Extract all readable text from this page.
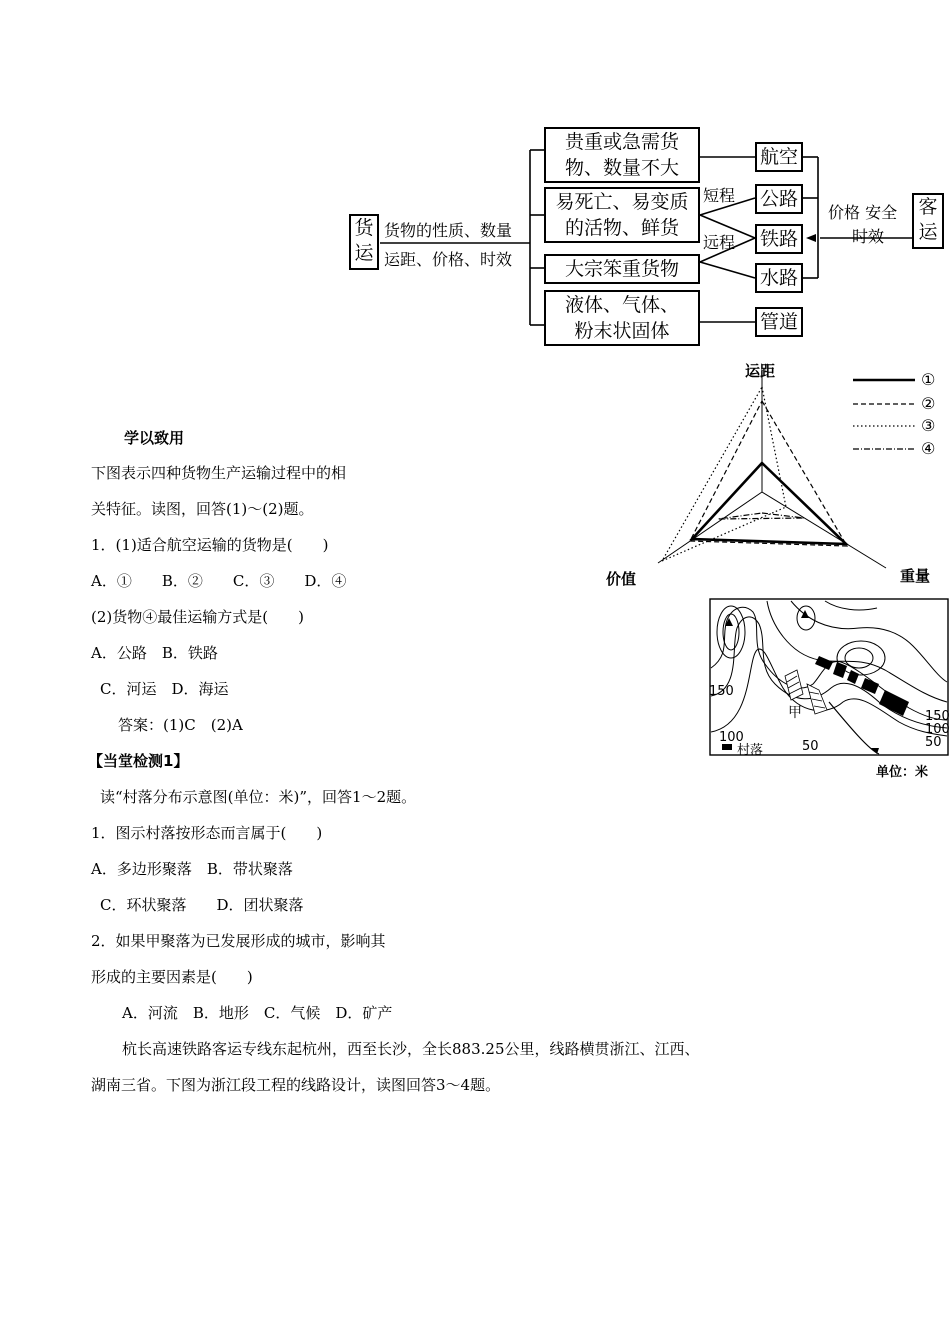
货
运
货物的性质、数量
运距、价格、时效
贵重或急需货
物、数量不大
易死亡、易变质
的活物、鲜货
大宗笨重货物
液体、气体、
粉末状固体
短程
远程
航空
公路
铁路
水路
管道
价格 安全
时效
客
运
运距
价值	重量
①
②
③
④
150
100
50
150
100
50
甲
村落
单位：米
学以致用
下图表示四种货物生产运输过程中的相
关特征。读图，回答(1)～(2)题。
1．(1)适合航空运输的货物是(　　)
A．①　　B．②　　C．③　　D．④
(2)货物④最佳运输方式是(　　)
A．公路　B．铁路
C．河运　D．海运
答案：(1)C　(2)A
【当堂检测1】
读“村落分布示意图(单位：米)”，回答1～2题。
1．图示村落按形态而言属于(　　)
A．多边形聚落　B．带状聚落
C．环状聚落　　D．团状聚落
2．如果甲聚落为已发展形成的城市，影响其
形成的主要因素是(　　)
A．河流　B．地形　C．气候　D．矿产
杭长高速铁路客运专线东起杭州，西至长沙，全长883.25公里，线路横贯浙江、江西、
湖南三省。下图为浙江段工程的线路设计，读图回答3～4题。
